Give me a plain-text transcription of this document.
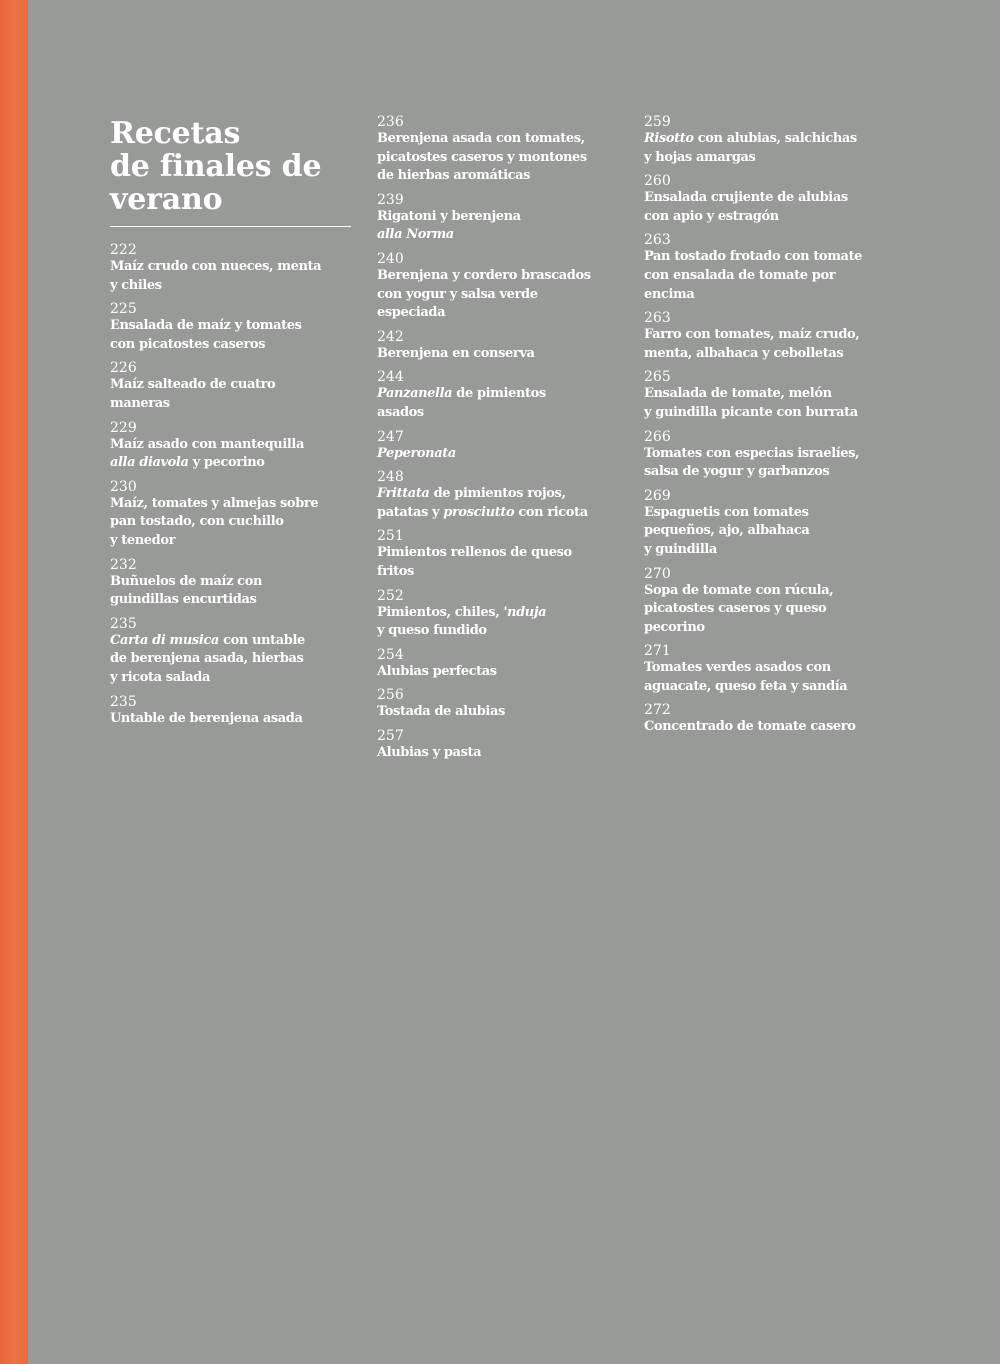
Recetas
de finales de
verano
222
Maíz crudo con nueces, menta
y chiles
225
Ensalada de maíz y tomates
con picatostes caseros
226
Maíz salteado de cuatro
maneras
229
Maíz asado con mantequilla
alla diavola y pecorino
230
Maíz, tomates y almejas sobre
pan tostado, con cuchillo
y tenedor
232
Buñuelos de maíz con
guindillas encurtidas
235
Carta di musica con untable
de berenjena asada, hierbas
y ricota salada
235
Untable de berenjena asada
236
Berenjena asada con tomates,
picatostes caseros y montones
de hierbas aromáticas
239
Rigatoni y berenjena
alla Norma
240
Berenjena y cordero brascados
con yogur y salsa verde
especiada
242
Berenjena en conserva
244
Panzanella de pimientos
asados
247
Peperonata
248
Frittata de pimientos rojos,
patatas y prosciutto con ricota
251
Pimientos rellenos de queso
fritos
252
Pimientos, chiles, 'nduja
y queso fundido
254
Alubias perfectas
256
Tostada de alubias
257
Alubias y pasta
259
Risotto con alubias, salchichas
y hojas amargas
260
Ensalada crujiente de alubias
con apio y estragón
263
Pan tostado frotado con tomate
con ensalada de tomate por
encima
263
Farro con tomates, maíz crudo,
menta, albahaca y cebolletas
265
Ensalada de tomate, melón
y guindilla picante con burrata
266
Tomates con especias israelíes,
salsa de yogur y garbanzos
269
Espaguetis con tomates
pequeños, ajo, albahaca
y guindilla
270
Sopa de tomate con rúcula,
picatostes caseros y queso
pecorino
271
Tomates verdes asados con
aguacate, queso feta y sandía
272
Concentrado de tomate casero
